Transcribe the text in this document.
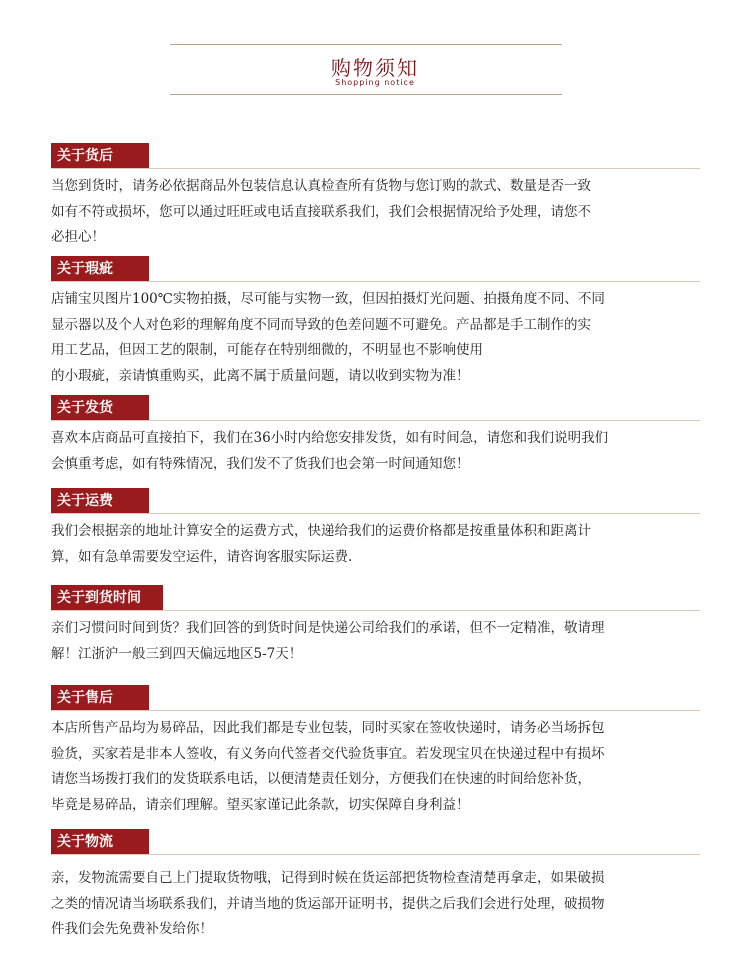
购物须知
Shopping notice
关于货后
当您到货时，请务必依据商品外包装信息认真检查所有货物与您订购的款式、数量是否一致
如有不符或损坏，您可以通过旺旺或电话直接联系我们，我们会根据情况给予处理，请您不
必担心！
关于瑕疵
店铺宝贝图片100℃实物拍摄，尽可能与实物一致，但因拍摄灯光问题、拍摄角度不同、不同
显示器以及个人对色彩的理解角度不同而导致的色差问题不可避免。产品都是手工制作的实
用工艺品，但因工艺的限制，可能存在特别细微的，不明显也不影响使用
的小瑕疵，亲请慎重购买，此离不属于质量问题，请以收到实物为准！
关于发货
喜欢本店商品可直接拍下，我们在36小时内给您安排发货，如有时间急，请您和我们说明我们
会慎重考虑，如有特殊情况，我们发不了货我们也会第一时间通知您！
关于运费
我们会根据亲的地址计算安全的运费方式，快递给我们的运费价格都是按重量体积和距离计
算，如有急单需要发空运件，请咨询客服实际运费.
关于到货时间
亲们习惯问时间到货？我们回答的到货时间是快递公司给我们的承诺，但不一定精准，敬请理
解！江浙沪一般三到四天偏远地区5-7天！
关于售后
本店所售产品均为易碎品，因此我们都是专业包装，同时买家在签收快递时，请务必当场拆包
验货，买家若是非本人签收，有义务向代签者交代验货事宜。若发现宝贝在快递过程中有损坏
请您当场拨打我们的发货联系电话，以便清楚责任划分，方便我们在快速的时间给您补货，
毕竟是易碎品，请亲们理解。望买家谨记此条款，切实保障自身利益！
关于物流
亲，发物流需要自己上门提取货物哦，记得到时候在货运部把货物检查清楚再拿走，如果破损
之类的情况请当场联系我们，并请当地的货运部开证明书，提供之后我们会进行处理，破损物
件我们会先免费补发给你！
